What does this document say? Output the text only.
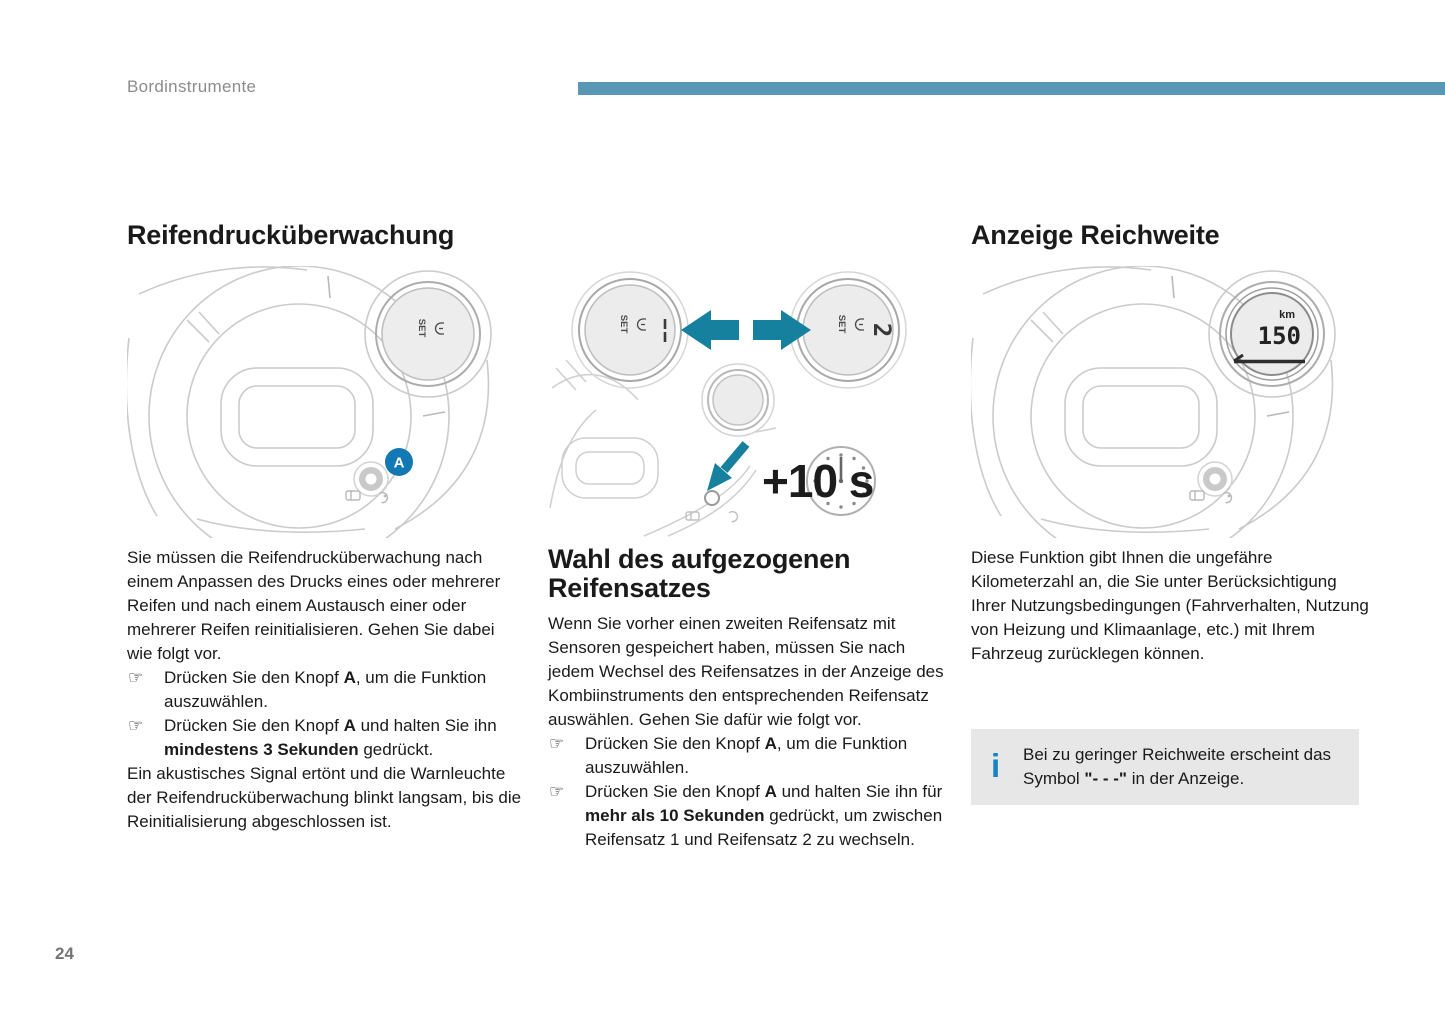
Bordinstrumente
Reifendrucküberwachung	Anzeige Reichweite
SET
A
SET	SET 2
+10 s
km
150

Sie müssen die Reifendrucküberwachung nach einem Anpassen des Drucks eines oder mehrerer Reifen und nach einem Austausch einer oder mehrerer Reifen reinitialisieren. Gehen Sie dabei wie folgt vor.

☞	Drücken Sie den Knopf A, um die Funktion auszuwählen.

☞	Drücken Sie den Knopf A und halten Sie ihn mindestens 3 Sekunden gedrückt.

Ein akustisches Signal ertönt und die Warnleuchte der Reifendrucküberwachung blinkt langsam, bis die Reinitialisierung abgeschlossen ist.

Wahl des aufgezogenen Reifensatzes

Wenn Sie vorher einen zweiten Reifensatz mit Sensoren gespeichert haben, müssen Sie nach jedem Wechsel des Reifensatzes in der Anzeige des Kombiinstruments den entsprechenden Reifensatz auswählen. Gehen Sie dafür wie folgt vor.

☞	Drücken Sie den Knopf A, um die Funktion auszuwählen.

☞	Drücken Sie den Knopf A und halten Sie ihn für mehr als 10 Sekunden gedrückt, um zwischen Reifensatz 1 und Reifensatz 2 zu wechseln.

Diese Funktion gibt Ihnen die ungefähre Kilometerzahl an, die Sie unter Berücksichtigung Ihrer Nutzungsbedingungen (Fahrverhalten, Nutzung von Heizung und Klimaanlage, etc.) mit Ihrem Fahrzeug zurücklegen können.

i	Bei zu geringer Reichweite erscheint das Symbol "- - -" in der Anzeige.
24
